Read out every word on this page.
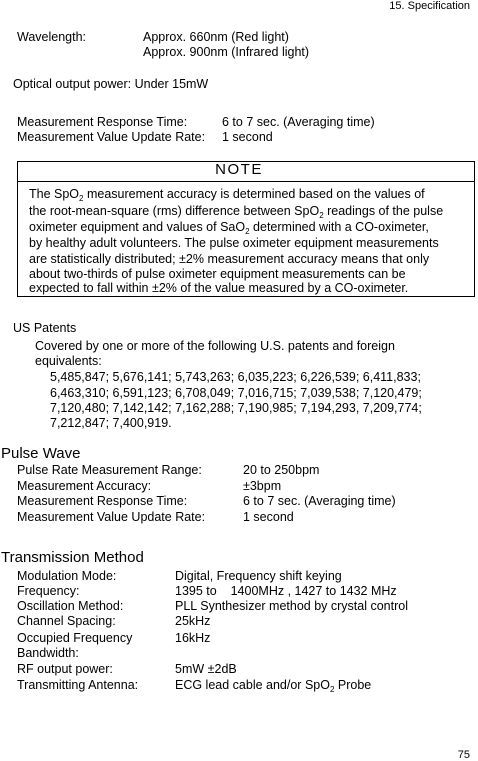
15. Specification
Wavelength:	Approx. 660nm (Red light)
Approx. 900nm (Infrared light)
Optical output power: Under 15mW
Measurement Response Time:	6 to 7 sec. (Averaging time)
Measurement Value Update Rate: 1 second
NOTE
The SpO$_2$ measurement accuracy is determined based on the values of
the root-mean-square (rms) difference between SpO$_2$ readings of the pulse
oximeter equipment and values of SaO$_2$ determined with a CO-oximeter,
by healthy adult volunteers. The pulse oximeter equipment measurements
are statistically distributed; ±2% measurement accuracy means that only
about two-thirds of pulse oximeter equipment measurements can be
expected to fall within ±2% of the value measured by a CO-oximeter.
US Patents
Covered by one or more of the following U.S. patents and foreign
equivalents:
5,485,847; 5,676,141; 5,743,263; 6,035,223; 6,226,539; 6,411,833;
6,463,310; 6,591,123; 6,708,049; 7,016,715; 7,039,538; 7,120,479;
7,120,480; 7,142,142; 7,162,288; 7,190,985; 7,194,293, 7,209,774;
7,212,847; 7,400,919.
Pulse Wave
Pulse Rate Measurement Range:	20 to 250bpm
Measurement Accuracy:	±3bpm
Measurement Response Time:	6 to 7 sec. (Averaging time)
Measurement Value Update Rate:	1 second
Transmission Method
Modulation Mode:	Digital, Frequency shift keying
Frequency:	1395 to    1400MHz , 1427 to 1432 MHz
Oscillation Method:	PLL Synthesizer method by crystal control
Channel Spacing:	25kHz
Occupied Frequency	16kHz
Bandwidth:
RF output power:	5mW ±2dB
Transmitting Antenna:	ECG lead cable and/or SpO$_2$ Probe
75
